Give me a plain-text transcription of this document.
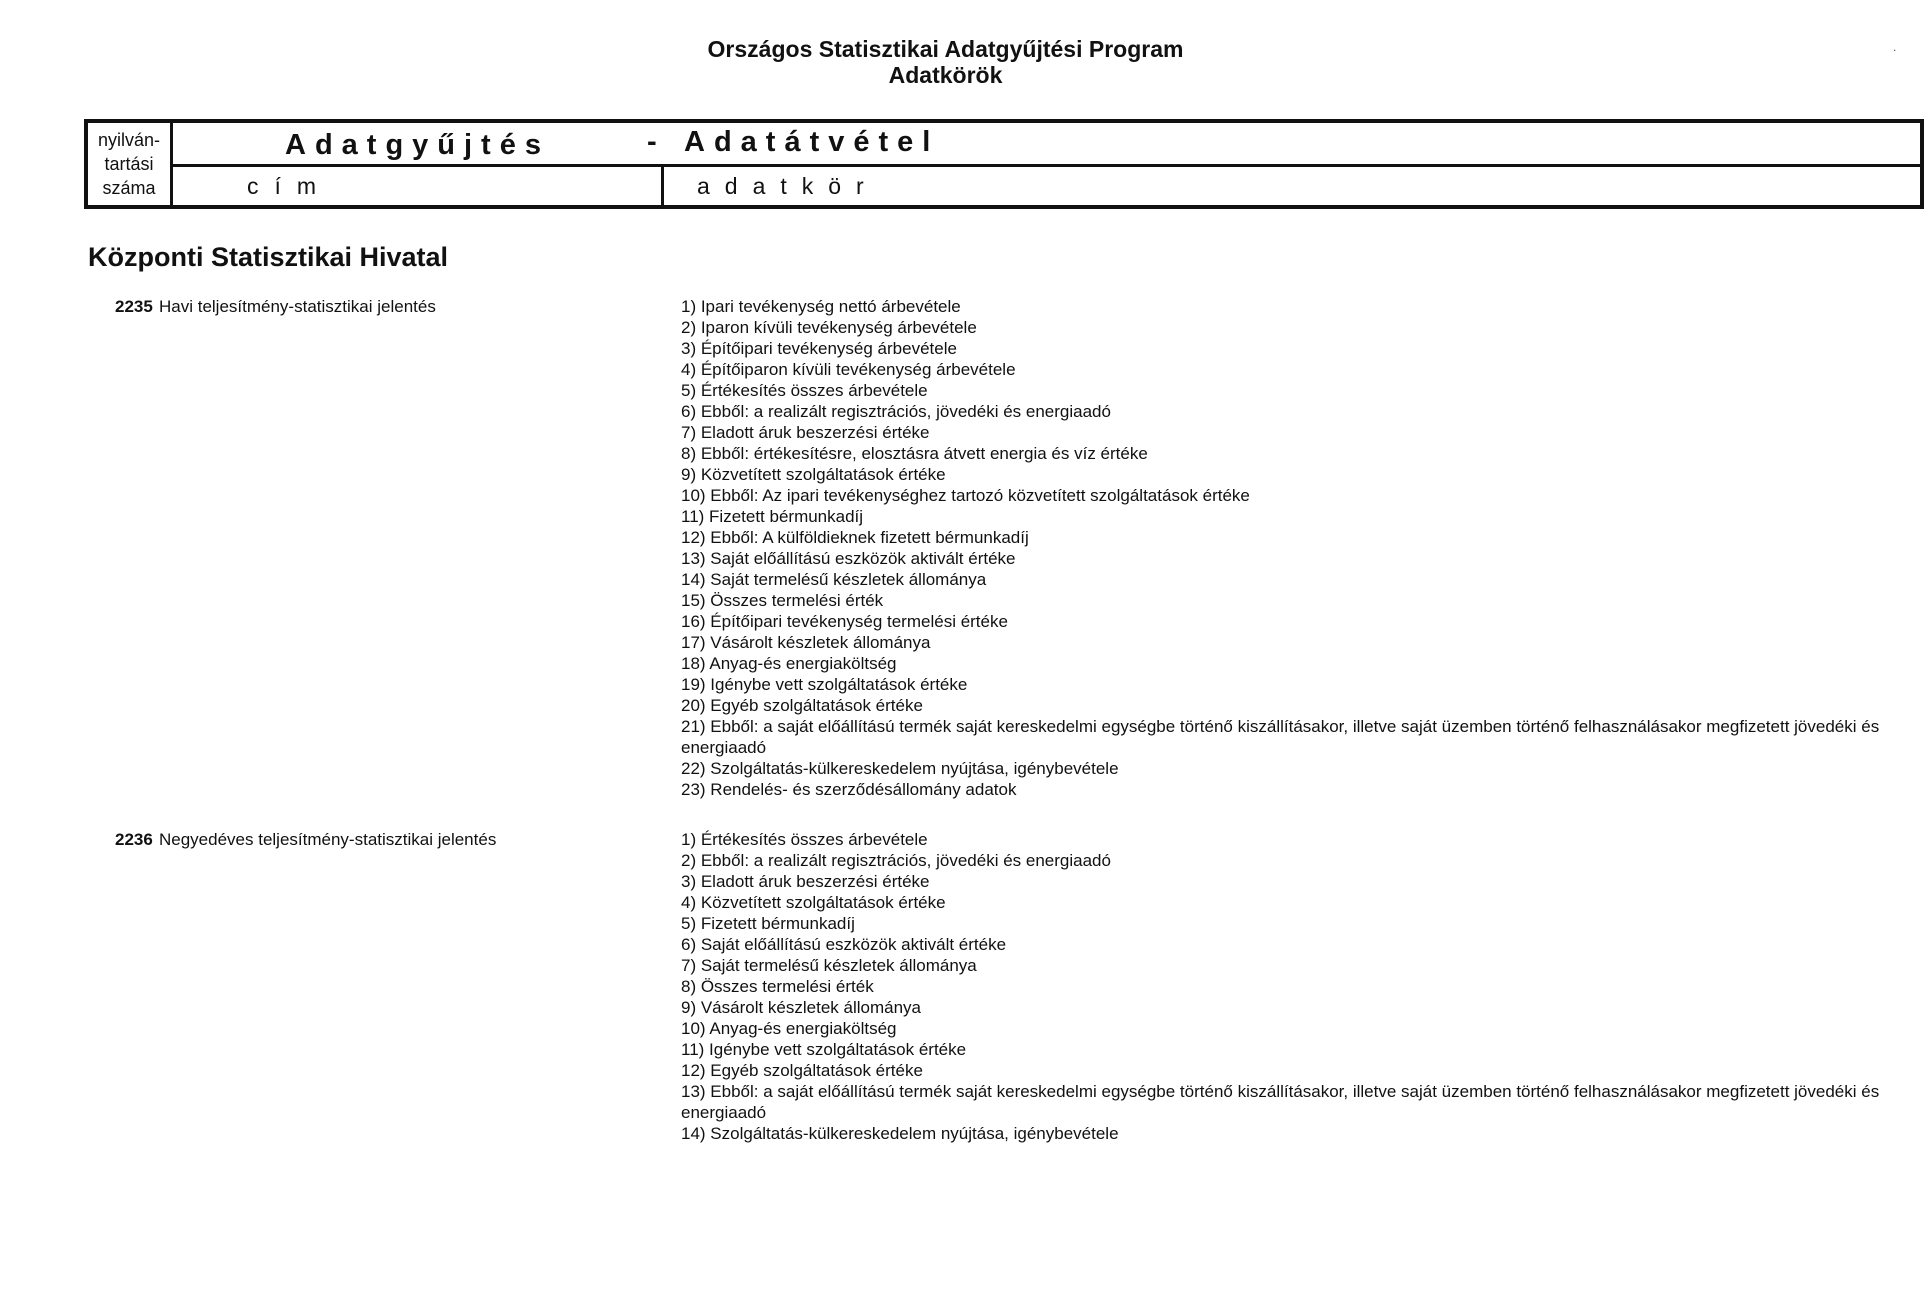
Országos Statisztikai Adatgyűjtési Program
Adatkörök
.
nyilván-
tartási
száma
Adatgyűjtés	- Adatátvétel
cím	adatkör
Központi Statisztikai Hivatal
2235 Havi teljesítmény-statisztikai jelentés	1) Ipari tevékenység nettó árbevétele
2) Iparon kívüli tevékenység árbevétele
3) Építőipari tevékenység árbevétele
4) Építőiparon kívüli tevékenység árbevétele
5) Értékesítés összes árbevétele
6) Ebből: a realizált regisztrációs, jövedéki és energiaadó
7) Eladott áruk beszerzési értéke
8) Ebből: értékesítésre, elosztásra átvett energia és víz értéke
9) Közvetített szolgáltatások értéke
10) Ebből: Az ipari tevékenységhez tartozó közvetített szolgáltatások értéke
11) Fizetett bérmunkadíj
12) Ebből: A külföldieknek fizetett bérmunkadíj
13) Saját előállítású eszközök aktivált értéke
14) Saját termelésű készletek állománya
15) Összes termelési érték
16) Építőipari tevékenység termelési értéke
17) Vásárolt készletek állománya
18) Anyag-és energiaköltség
19) Igénybe vett szolgáltatások értéke
20) Egyéb szolgáltatások értéke
21) Ebből: a saját előállítású termék saját kereskedelmi egységbe történő kiszállításakor, illetve saját üzemben történő felhasználásakor megfizetett jövedéki és energiaadó
22) Szolgáltatás-külkereskedelem nyújtása, igénybevétele
23) Rendelés- és szerződésállomány adatok
2236 Negyedéves teljesítmény-statisztikai jelentés	1) Értékesítés összes árbevétele
2) Ebből: a realizált regisztrációs, jövedéki és energiaadó
3) Eladott áruk beszerzési értéke
4) Közvetített szolgáltatások értéke
5) Fizetett bérmunkadíj
6) Saját előállítású eszközök aktivált értéke
7) Saját termelésű készletek állománya
8) Összes termelési érték
9) Vásárolt készletek állománya
10) Anyag-és energiaköltség
11) Igénybe vett szolgáltatások értéke
12) Egyéb szolgáltatások értéke
13) Ebből: a saját előállítású termék saját kereskedelmi egységbe történő kiszállításakor, illetve saját üzemben történő felhasználásakor megfizetett jövedéki és energiaadó
14) Szolgáltatás-külkereskedelem nyújtása, igénybevétele
